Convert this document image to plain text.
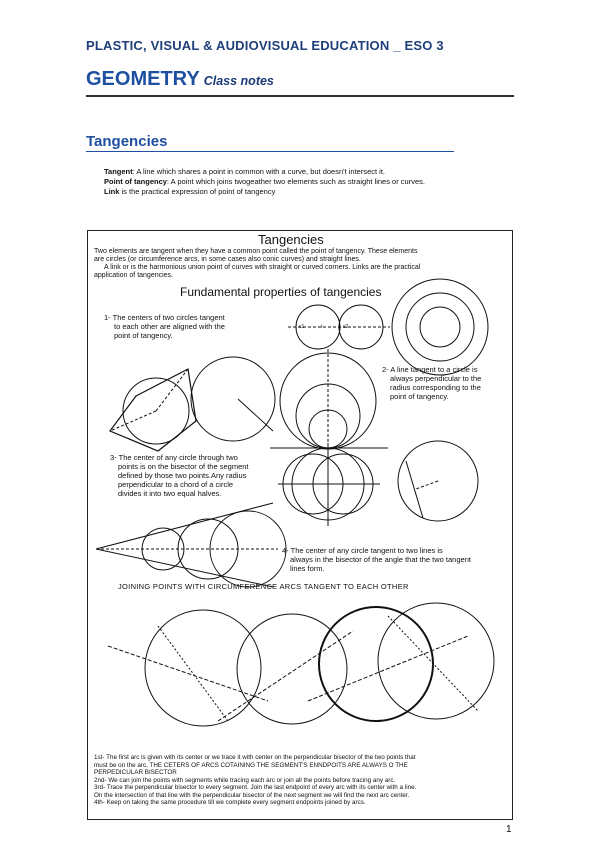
PLASTIC, VISUAL & AUDIOVISUAL EDUCATION _ ESO 3
GEOMETRY Class notes
Tangencies
Tangent: A line which shares a point in common with a curve, but doesn't intersect it.
Point of tangency: A point which joins twogeather two elements such as straight lines or curves.
Link is the practical expression of point of tangency
Tangencies
Two elements are tangent when they have a common point called the point of tangency. These elements
are circles (or circumference arcs, in some cases also conic curves) and straight lines.
A link or is the harmonious union point of curves with straight or curved corners. Links are the practical
application of tangencies.
Fundamental properties of tangencies
1- The centers of two circles tangent
to each other are aligned with the
point of tangency.
c1	t	c2
2- A line tangent to a circle is
always perpendicular to the
radius corresponding to the
point of tangency.
3- The center of any circle through two
points is on the bisector of the segment
defined by those two points.Any radius
perpendicular to a chord of a circle
divides it into two equal halves.
4- The center of any circle tangent to two lines is
always in the bisector of the angle that the two tangent
lines form.
JOINING POINTS WITH CIRCUMFERENCE ARCS TANGENT TO EACH OTHER
1st- The first arc is given with its center or we trace it with center on the perpendicular bisector of the two points that
must be on the arc. THE CETERS OF ARCS COTAINING THE SEGMENT'S ENNDPOITS ARE ALWAYS O THE
PERPEDICULAR BISECTOR
2nd- We can join the points with segments while tracing each arc or join all the points before tracing any arc.
3rd- Trace the perpendicular bisector to every segment. Join the last endpoint of every arc with its center with a line.
On the intersection of that line with the perpendicular bisector of the next segment we will find the next arc center.
4th- Keep on taking the same procedure till we complete every segment endpoints joined by arcs.
1
